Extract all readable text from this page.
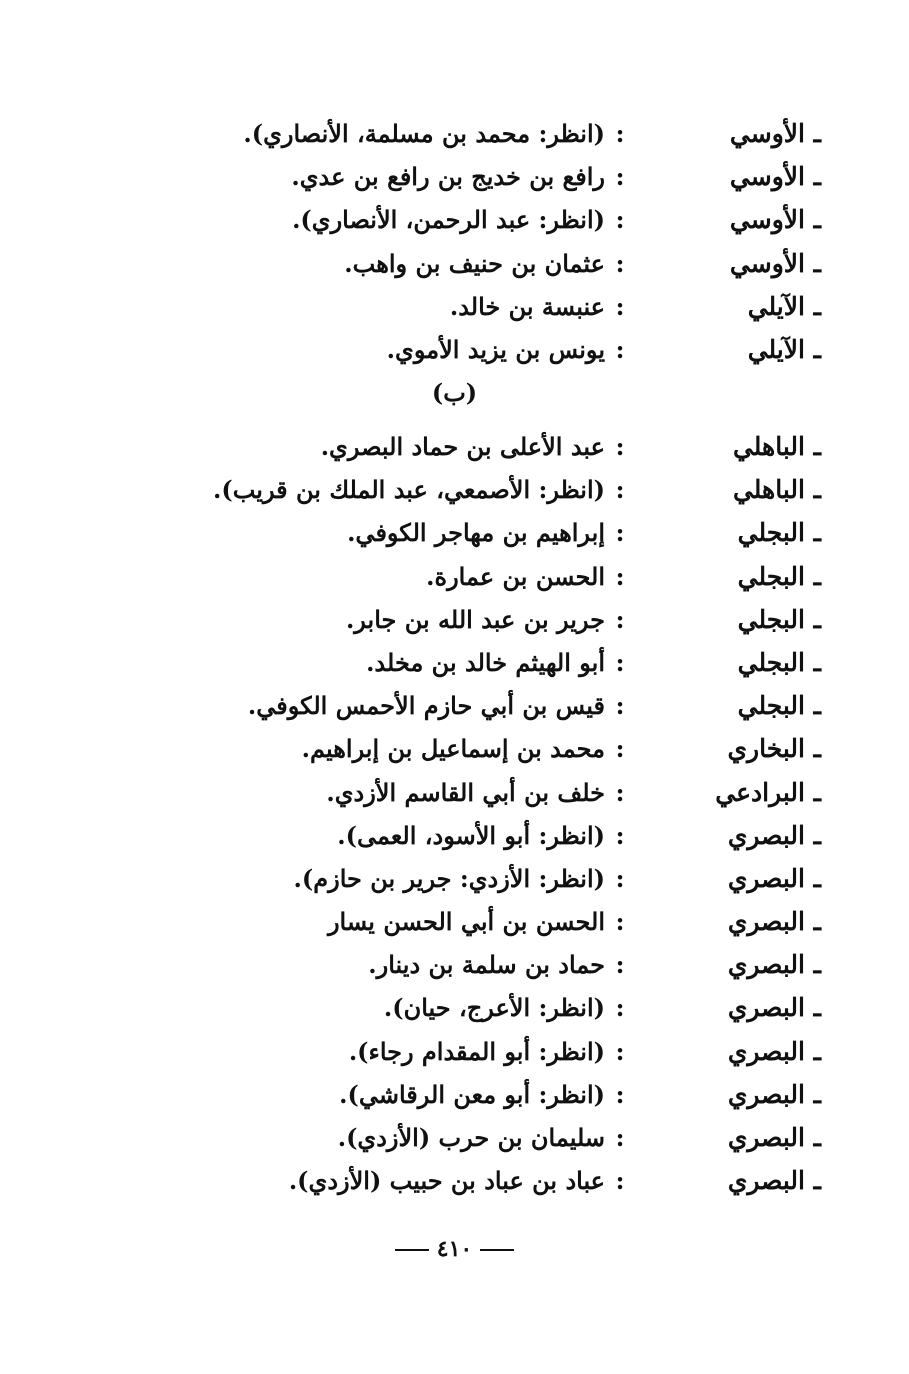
ـ الأوسي
:
(انظر: محمد بن مسلمة، الأنصاري).
ـ الأوسي
:
رافع بن خديج بن رافع بن عدي.
ـ الأوسي
:
(انظر: عبد الرحمن، الأنصاري).
ـ الأوسي
:
عثمان بن حنيف بن واهب.
ـ الآيلي
:
عنبسة بن خالد.
ـ الآيلي
:
يونس بن يزيد الأموي.
(ب)
ـ الباهلي
:
عبد الأعلى بن حماد البصري.
ـ الباهلي
:
(انظر: الأصمعي، عبد الملك بن قريب).
ـ البجلي
:
إبراهيم بن مهاجر الكوفي.
ـ البجلي
:
الحسن بن عمارة.
ـ البجلي
:
جرير بن عبد الله بن جابر.
ـ البجلي
:
أبو الهيثم خالد بن مخلد.
ـ البجلي
:
قيس بن أبي حازم الأحمس الكوفي.
ـ البخاري
:
محمد بن إسماعيل بن إبراهيم.
ـ البرادعي
:
خلف بن أبي القاسم الأزدي.
ـ البصري
:
(انظر: أبو الأسود، العمى).
ـ البصري
:
(انظر: الأزدي: جرير بن حازم).
ـ البصري
:
الحسن بن أبي الحسن يسار
ـ البصري
:
حماد بن سلمة بن دينار.
ـ البصري
:
(انظر: الأعرج، حيان).
ـ البصري
:
(انظر: أبو المقدام رجاء).
ـ البصري
:
(انظر: أبو معن الرقاشي).
ـ البصري
:
سليمان بن حرب (الأزدي).
ـ البصري
:
عباد بن عباد بن حبيب (الأزدي).
٤١٠
